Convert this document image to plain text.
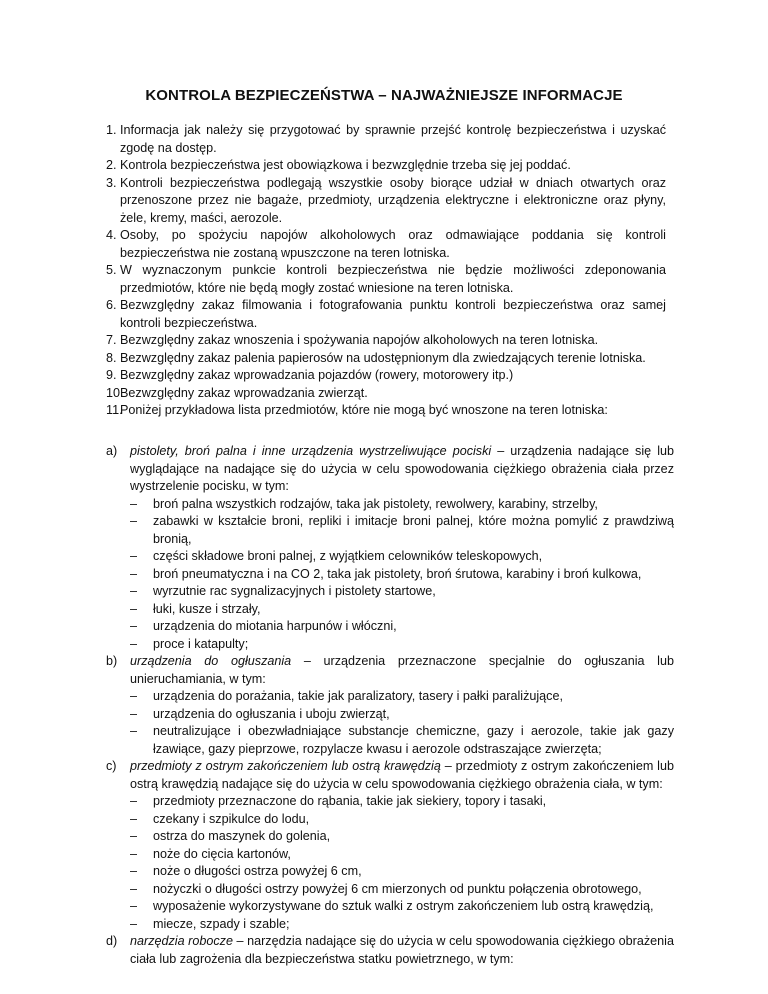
KONTROLA BEZPIECZEŃSTWA – NAJWAŻNIEJSZE INFORMACJE
1. Informacja jak należy się przygotować by sprawnie przejść kontrolę bezpieczeństwa i uzyskać zgodę na dostęp.
2. Kontrola bezpieczeństwa jest obowiązkowa i bezwzględnie trzeba się jej poddać.
3. Kontroli bezpieczeństwa podlegają wszystkie osoby biorące udział w dniach otwartych oraz przenoszone przez nie bagaże, przedmioty, urządzenia elektryczne i elektroniczne oraz płyny, żele, kremy, maści, aerozole.
4. Osoby, po spożyciu napojów alkoholowych oraz odmawiające poddania się kontroli bezpieczeństwa nie zostaną wpuszczone na teren lotniska.
5. W wyznaczonym punkcie kontroli bezpieczeństwa nie będzie możliwości zdeponowania przedmiotów, które nie będą mogły zostać wniesione na teren lotniska.
6. Bezwzględny zakaz filmowania i fotografowania punktu kontroli bezpieczeństwa oraz samej kontroli bezpieczeństwa.
7. Bezwzględny zakaz wnoszenia i spożywania napojów alkoholowych na teren lotniska.
8. Bezwzględny zakaz palenia papierosów na udostępnionym dla zwiedzających terenie lotniska.
9. Bezwzględny zakaz wprowadzania pojazdów (rowery, motorowery itp.)
10.
Bezwzględny zakaz wprowadzania zwierząt.
11.
Poniżej przykładowa lista przedmiotów, które nie mogą być wnoszone na teren lotniska:
a)	pistolety, broń palna i inne urządzenia wystrzeliwujące pociski – urządzenia nadające się lub wyglądające na nadające się do użycia w celu spowodowania ciężkiego obrażenia ciała przez wystrzelenie pocisku, w tym:
–	broń palna wszystkich rodzajów, taka jak pistolety, rewolwery, karabiny, strzelby,
–	zabawki w kształcie broni, repliki i imitacje broni palnej, które można pomylić z prawdziwą bronią,
–	części składowe broni palnej, z wyjątkiem celowników teleskopowych,
–	broń pneumatyczna i na CO 2, taka jak pistolety, broń śrutowa, karabiny i broń kulkowa,
–	wyrzutnie rac sygnalizacyjnych i pistolety startowe,
–	łuki, kusze i strzały,
–	urządzenia do miotania harpunów i włóczni,
–	proce i katapulty;
b)	urządzenia do ogłuszania – urządzenia przeznaczone specjalnie do ogłuszania lub unieruchamiania, w tym:
–	urządzenia do porażania, takie jak paralizatory, tasery i pałki paraliżujące,
–	urządzenia do ogłuszania i uboju zwierząt,
–	neutralizujące i obezwładniające substancje chemiczne, gazy i aerozole, takie jak gazy łzawiące, gazy pieprzowe, rozpylacze kwasu i aerozole odstraszające zwierzęta;
c)	przedmioty z ostrym zakończeniem lub ostrą krawędzią – przedmioty z ostrym zakończeniem lub ostrą krawędzią nadające się do użycia w celu spowodowania ciężkiego obrażenia ciała, w tym:
–	przedmioty przeznaczone do rąbania, takie jak siekiery, topory i tasaki,
–	czekany i szpikulce do lodu,
–	ostrza do maszynek do golenia,
–	noże do cięcia kartonów,
–	noże o długości ostrza powyżej 6 cm,
–	nożyczki o długości ostrzy powyżej 6 cm mierzonych od punktu połączenia obrotowego,
–	wyposażenie wykorzystywane do sztuk walki z ostrym zakończeniem lub ostrą krawędzią,
–	miecze, szpady i szable;
d)	narzędzia robocze – narzędzia nadające się do użycia w celu spowodowania ciężkiego obrażenia ciała lub zagrożenia dla bezpieczeństwa statku powietrznego, w tym:
